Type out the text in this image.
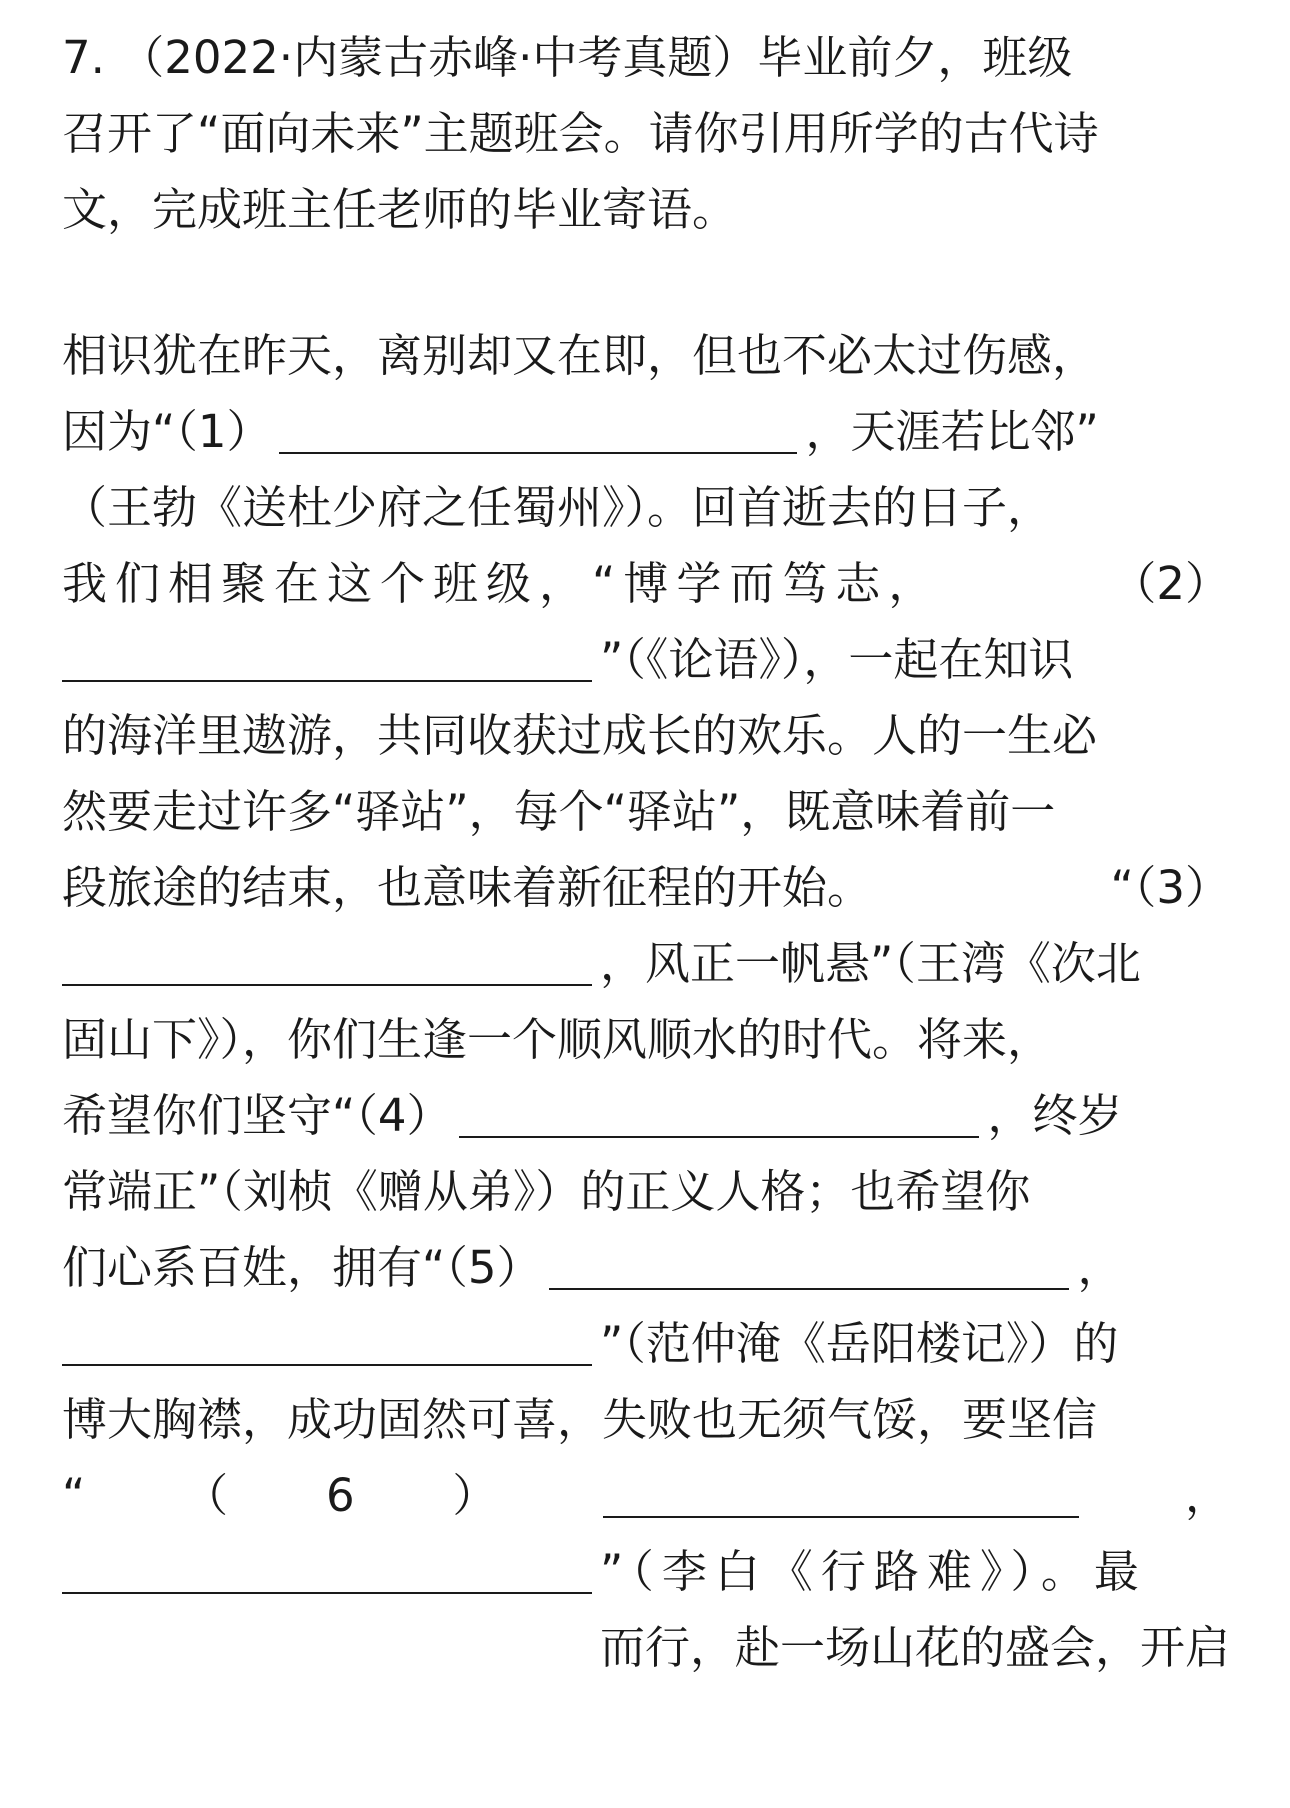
7. （2022·内蒙古赤峰·中考真题）毕业前夕，班级
召开了“面向未来”主题班会。请你引用所学的古代诗
文，完成班主任老师的毕业寄语。
相识犹在昨天，离别却又在即，但也不必太过伤感，
因为“（1）	，天涯若比邻”
（王勃《送杜少府之任蜀州》）。回首逝去的日子，
我们相聚在这个班级，“博学而笃志，	（2）
”（《论语》），一起在知识
的海洋里遨游，共同收获过成长的欢乐。人的一生必
然要走过许多“驿站”，每个“驿站”，既意味着前一
段旅途的结束，也意味着新征程的开始。	“（3）
，风正一帆悬”（王湾《次北
固山下》），你们生逢一个顺风顺水的时代。将来，
希望你们坚守“（4）	，终岁
常端正”（刘桢《赠从弟》）的正义人格；也希望你
们心系百姓，拥有“（5）	，
”（范仲淹《岳阳楼记》）的
博大胸襟，成功固然可喜，失败也无须气馁，要坚信
“ （ 6 ）	，
”（李白《行路难》）。最
而行，赴一场山花的盛会，开启
